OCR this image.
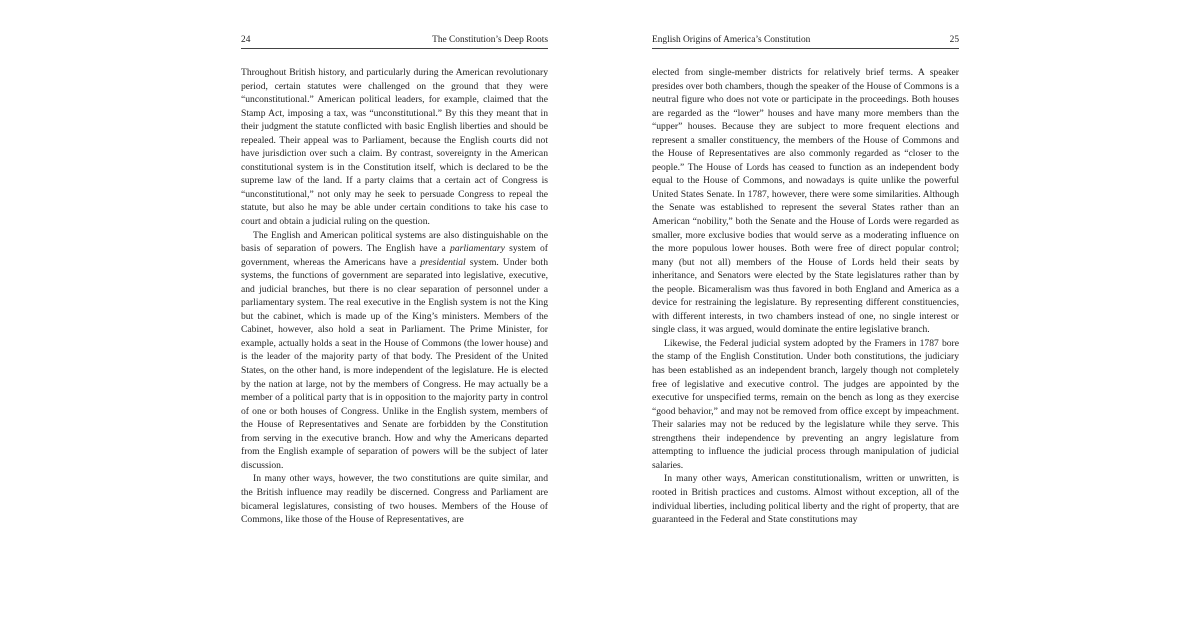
24	The Constitution’s Deep Roots

Throughout British history, and particularly during the American revolutionary period, certain statutes were challenged on the ground that they were “unconstitutional.” American political leaders, for example, claimed that the Stamp Act, imposing a tax, was “unconstitutional.” By this they meant that in their judgment the statute conflicted with basic English liberties and should be repealed. Their appeal was to Parliament, because the English courts did not have jurisdiction over such a claim. By contrast, sovereignty in the American constitutional system is in the Constitution itself, which is declared to be the supreme law of the land. If a party claims that a certain act of Congress is “unconstitutional,” not only may he seek to persuade Congress to repeal the statute, but also he may be able under certain conditions to take his case to court and obtain a judicial ruling on the question.

The English and American political systems are also distinguishable on the basis of separation of powers. The English have a parliamentary system of government, whereas the Americans have a presidential system. Under both systems, the functions of government are separated into legislative, executive, and judicial branches, but there is no clear separation of personnel under a parliamentary system. The real executive in the English system is not the King but the cabinet, which is made up of the King’s ministers. Members of the Cabinet, however, also hold a seat in Parliament. The Prime Minister, for example, actually holds a seat in the House of Commons (the lower house) and is the leader of the majority party of that body. The President of the United States, on the other hand, is more independent of the legislature. He is elected by the nation at large, not by the members of Congress. He may actually be a member of a political party that is in opposition to the majority party in control of one or both houses of Congress. Unlike in the English system, members of the House of Representatives and Senate are forbidden by the Constitution from serving in the executive branch. How and why the Americans departed from the English example of separation of powers will be the subject of later discussion.

In many other ways, however, the two constitutions are quite similar, and the British influence may readily be discerned. Congress and Parliament are bicameral legislatures, consisting of two houses. Members of the House of Commons, like those of the House of Representatives, are

English Origins of America’s Constitution	25

elected from single-member districts for relatively brief terms. A speaker presides over both chambers, though the speaker of the House of Commons is a neutral figure who does not vote or participate in the proceedings. Both houses are regarded as the “lower” houses and have many more members than the “upper” houses. Because they are subject to more frequent elections and represent a smaller constituency, the members of the House of Commons and the House of Representatives are also commonly regarded as “closer to the people.” The House of Lords has ceased to function as an independent body equal to the House of Commons, and nowadays is quite unlike the powerful United States Senate. In 1787, however, there were some similarities. Although the Senate was established to represent the several States rather than an American “nobility,” both the Senate and the House of Lords were regarded as smaller, more exclusive bodies that would serve as a moderating influence on the more populous lower houses. Both were free of direct popular control; many (but not all) members of the House of Lords held their seats by inheritance, and Senators were elected by the State legislatures rather than by the people. Bicameralism was thus favored in both England and America as a device for restraining the legislature. By representing different constituencies, with different interests, in two chambers instead of one, no single interest or single class, it was argued, would dominate the entire legislative branch.

Likewise, the Federal judicial system adopted by the Framers in 1787 bore the stamp of the English Constitution. Under both constitutions, the judiciary has been established as an independent branch, largely though not completely free of legislative and executive control. The judges are appointed by the executive for unspecified terms, remain on the bench as long as they exercise “good behavior,” and may not be removed from office except by impeachment. Their salaries may not be reduced by the legislature while they serve. This strengthens their independence by preventing an angry legislature from attempting to influence the judicial process through manipulation of judicial salaries.

In many other ways, American constitutionalism, written or unwritten, is rooted in British practices and customs. Almost without exception, all of the individual liberties, including political liberty and the right of property, that are guaranteed in the Federal and State constitutions may
